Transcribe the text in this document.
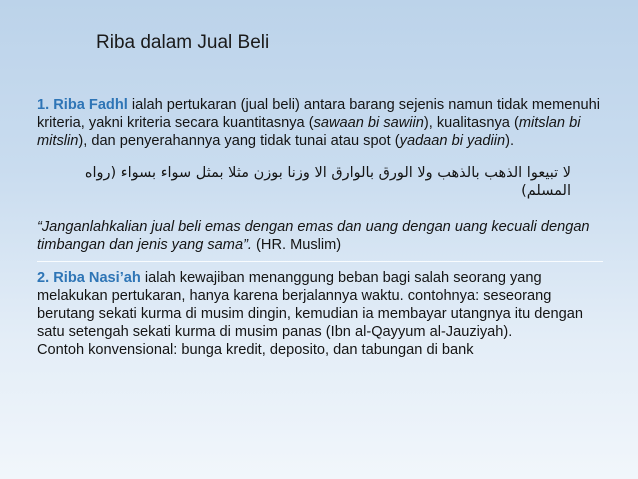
Riba dalam Jual Beli

1. Riba Fadhl ialah pertukaran (jual beli) antara barang sejenis namun tidak memenuhi kriteria, yakni kriteria secara kuantitasnya (sawaan bi sawiin), kualitasnya (mitslan bi mitslin), dan penyerahannya yang tidak tunai atau spot (yadaan bi yadiin).

لا تبيعوا الذهب بالذهب ولا الورق بالوارق الا وزنا بوزن مثلا بمثل سواء بسواء (رواه المسلم)

“Janganlahkalian jual beli emas dengan emas dan uang dengan uang kecuali dengan timbangan dan jenis yang sama”. (HR. Muslim)

2. Riba Nasi’ah ialah kewajiban menanggung beban bagi salah seorang yang melakukan pertukaran, hanya karena berjalannya waktu. contohnya: seseorang berutang sekati kurma di musim dingin, kemudian ia membayar utangnya itu dengan satu setengah sekati kurma di musim panas (Ibn al-Qayyum al-Jauziyah).

Contoh konvensional: bunga kredit, deposito, dan tabungan di bank
